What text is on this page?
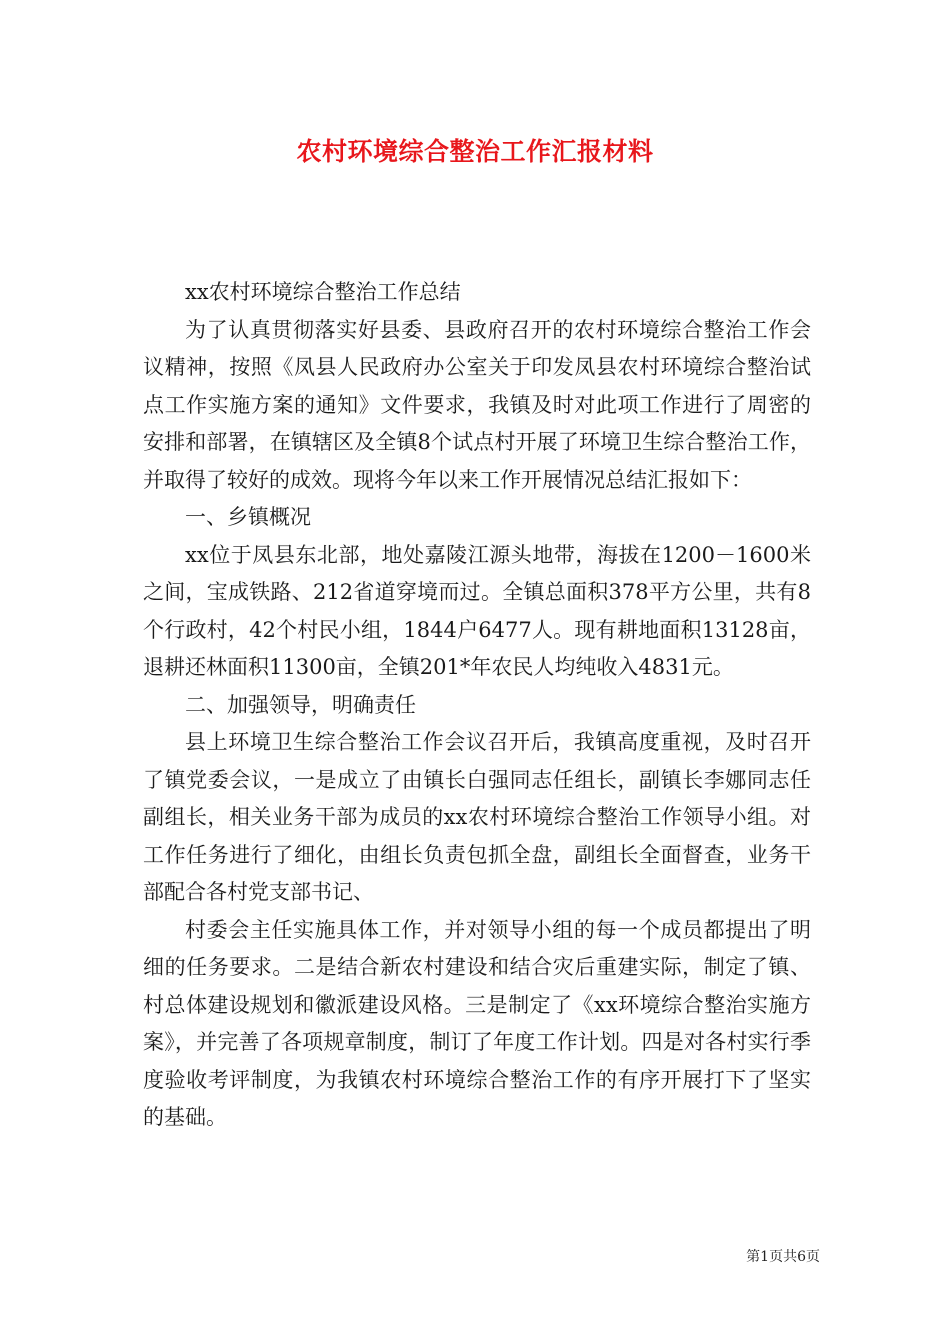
农村环境综合整治工作汇报材料

xx农村环境综合整治工作总结

为了认真贯彻落实好县委、县政府召开的农村环境综合整治工作会议精神，按照《凤县人民政府办公室关于印发凤县农村环境综合整治试点工作实施方案的通知》文件要求，我镇及时对此项工作进行了周密的安排和部署，在镇辖区及全镇8个试点村开展了环境卫生综合整治工作，并取得了较好的成效。现将今年以来工作开展情况总结汇报如下：

一、乡镇概况

xx位于凤县东北部，地处嘉陵江源头地带，海拔在1200－1600米之间，宝成铁路、212省道穿境而过。全镇总面积378平方公里，共有8个行政村，42个村民小组，1844户6477人。现有耕地面积13128亩，退耕还林面积11300亩，全镇201*年农民人均纯收入4831元。

二、加强领导，明确责任

县上环境卫生综合整治工作会议召开后，我镇高度重视，及时召开了镇党委会议，一是成立了由镇长白强同志任组长，副镇长李娜同志任副组长，相关业务干部为成员的xx农村环境综合整治工作领导小组。对工作任务进行了细化，由组长负责包抓全盘，副组长全面督查，业务干部配合各村党支部书记、

村委会主任实施具体工作，并对领导小组的每一个成员都提出了明细的任务要求。二是结合新农村建设和结合灾后重建实际，制定了镇、村总体建设规划和徽派建设风格。三是制定了《xx环境综合整治实施方案》，并完善了各项规章制度，制订了年度工作计划。四是对各村实行季度验收考评制度，为我镇农村环境综合整治工作的有序开展打下了坚实的基础。

第1页共6页
